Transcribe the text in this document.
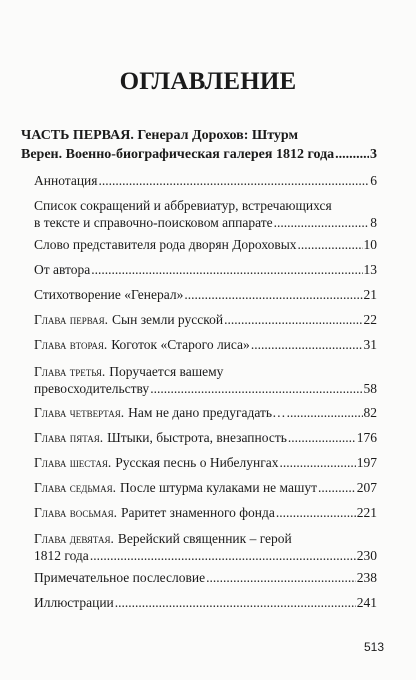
ОГЛАВЛЕНИЕ
ЧАСТЬ ПЕРВАЯ. Генерал Дорохов: Штурм
Верен. Военно-биографическая галерея 1812 года .....	3
Аннотация .....	6
Список сокращений и аббревиатур, встречающихся
в тексте и справочно-поисковом аппарате .....	8
Слово представителя рода дворян Дороховых .....	10
От автора .....	13
Стихотворение «Генерал» .....	21
Глава первая. Сын земли русской .....	22
Глава вторая. Коготок «Старого лиса» .....	31
Глава третья. Поручается вашему
превосходительству .....	58
Глава четвертая. Нам не дано предугадать… .....	82
Глава пятая. Штыки, быстрота, внезапность .....	176
Глава шестая. Русская песнь о Нибелунгах .....	197
Глава седьмая. После штурма кулаками не машут .....	207
Глава восьмая. Раритет знаменного фонда .....	221
Глава девятая. Верейский священник – герой
1812 года .....	230
Примечательное послесловие .....	238
Иллюстрации .....	241
513
